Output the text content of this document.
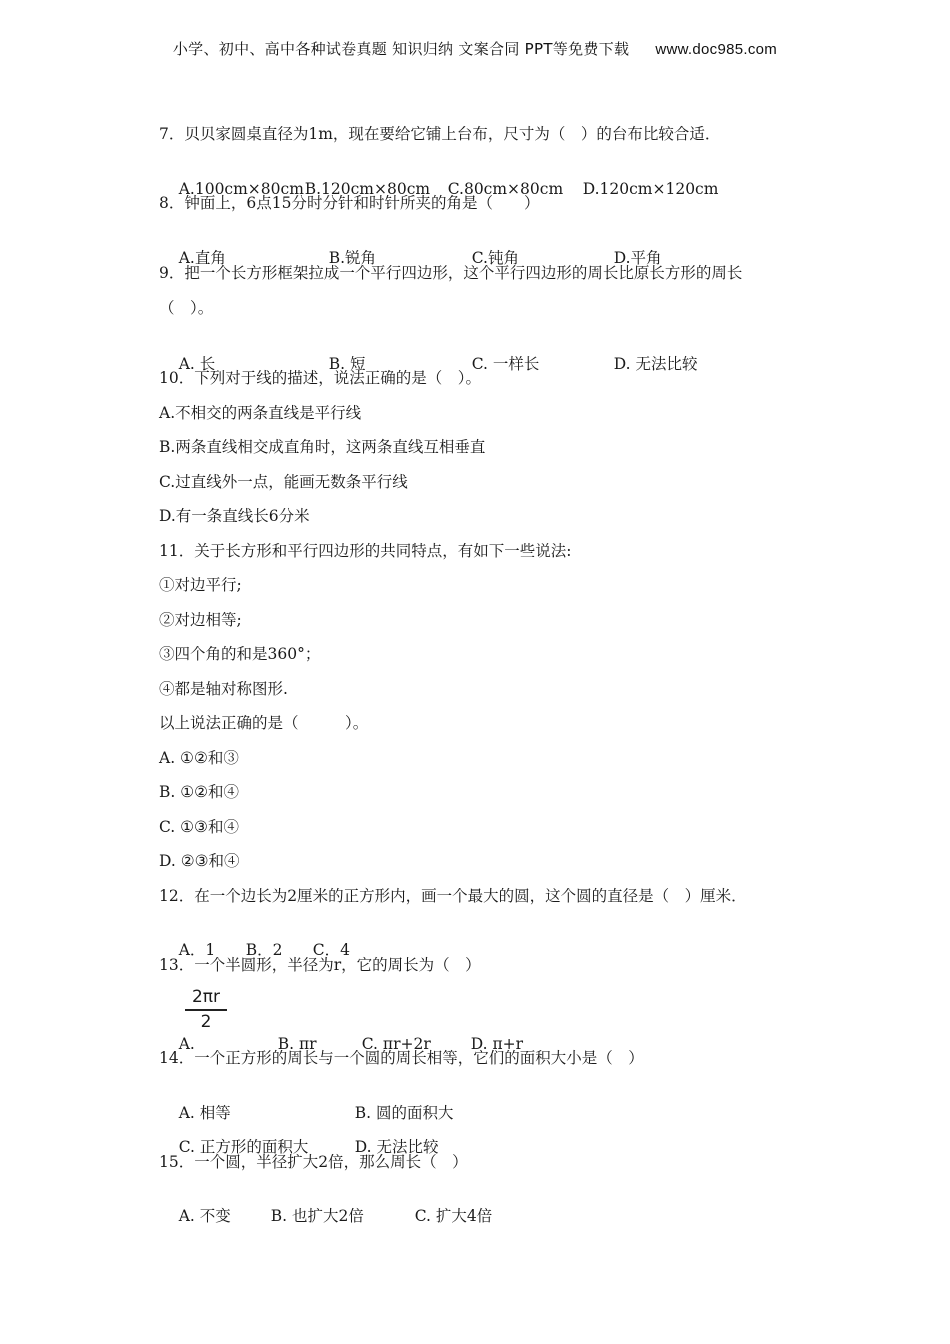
小学、初中、高中各种试卷真题 知识归纳 文案合同 PPT等免费下载 www.doc985.com
7．贝贝家圆桌直径为1m，现在要给它铺上台布，尺寸为（　）的台布比较合适．

A.100cm×80cmB.120cm×80cm C.80cm×80cm D.120cm×120cm

8．钟面上，6点15分时分针和时针所夹的角是（　　）

A.直角	B.锐角	C.钝角	D.平角

9．把一个长方形框架拉成一个平行四边形，这个平行四边形的周长比原长方形的周长
（　）。

A. 长	B. 短	C. 一样长	D. 无法比较

10．下列对于线的描述，说法正确的是（　）。
A.不相交的两条直线是平行线
B.两条直线相交成直角时，这两条直线互相垂直
C.过直线外一点，能画无数条平行线
D.有一条直线长6分米
11．关于长方形和平行四边形的共同特点，有如下一些说法:
①对边平行;
②对边相等;
③四个角的和是360°；
④都是轴对称图形.
以上说法正确的是（　　　）。
A. ①②和③
B. ①②和④
C. ①③和④
D. ②③和④
12．在一个边长为2厘米的正方形内，画一个最大的圆，这个圆的直径是（　）厘米．

A．1 B．2 C．4

13．一个半圆形，半径为r，它的周长为（　）
$\frac{2\pi r}{2}$

A.	B. πr	C. πr+2r	D. π+r

14．一个正方形的周长与一个圆的周长相等，它们的面积大小是（　）

A. 相等	B. 圆的面积大

C. 正方形的面积大	D. 无法比较

15．一个圆，半径扩大2倍，那么周长（　）

A. 不变	B. 也扩大2倍	C. 扩大4倍
